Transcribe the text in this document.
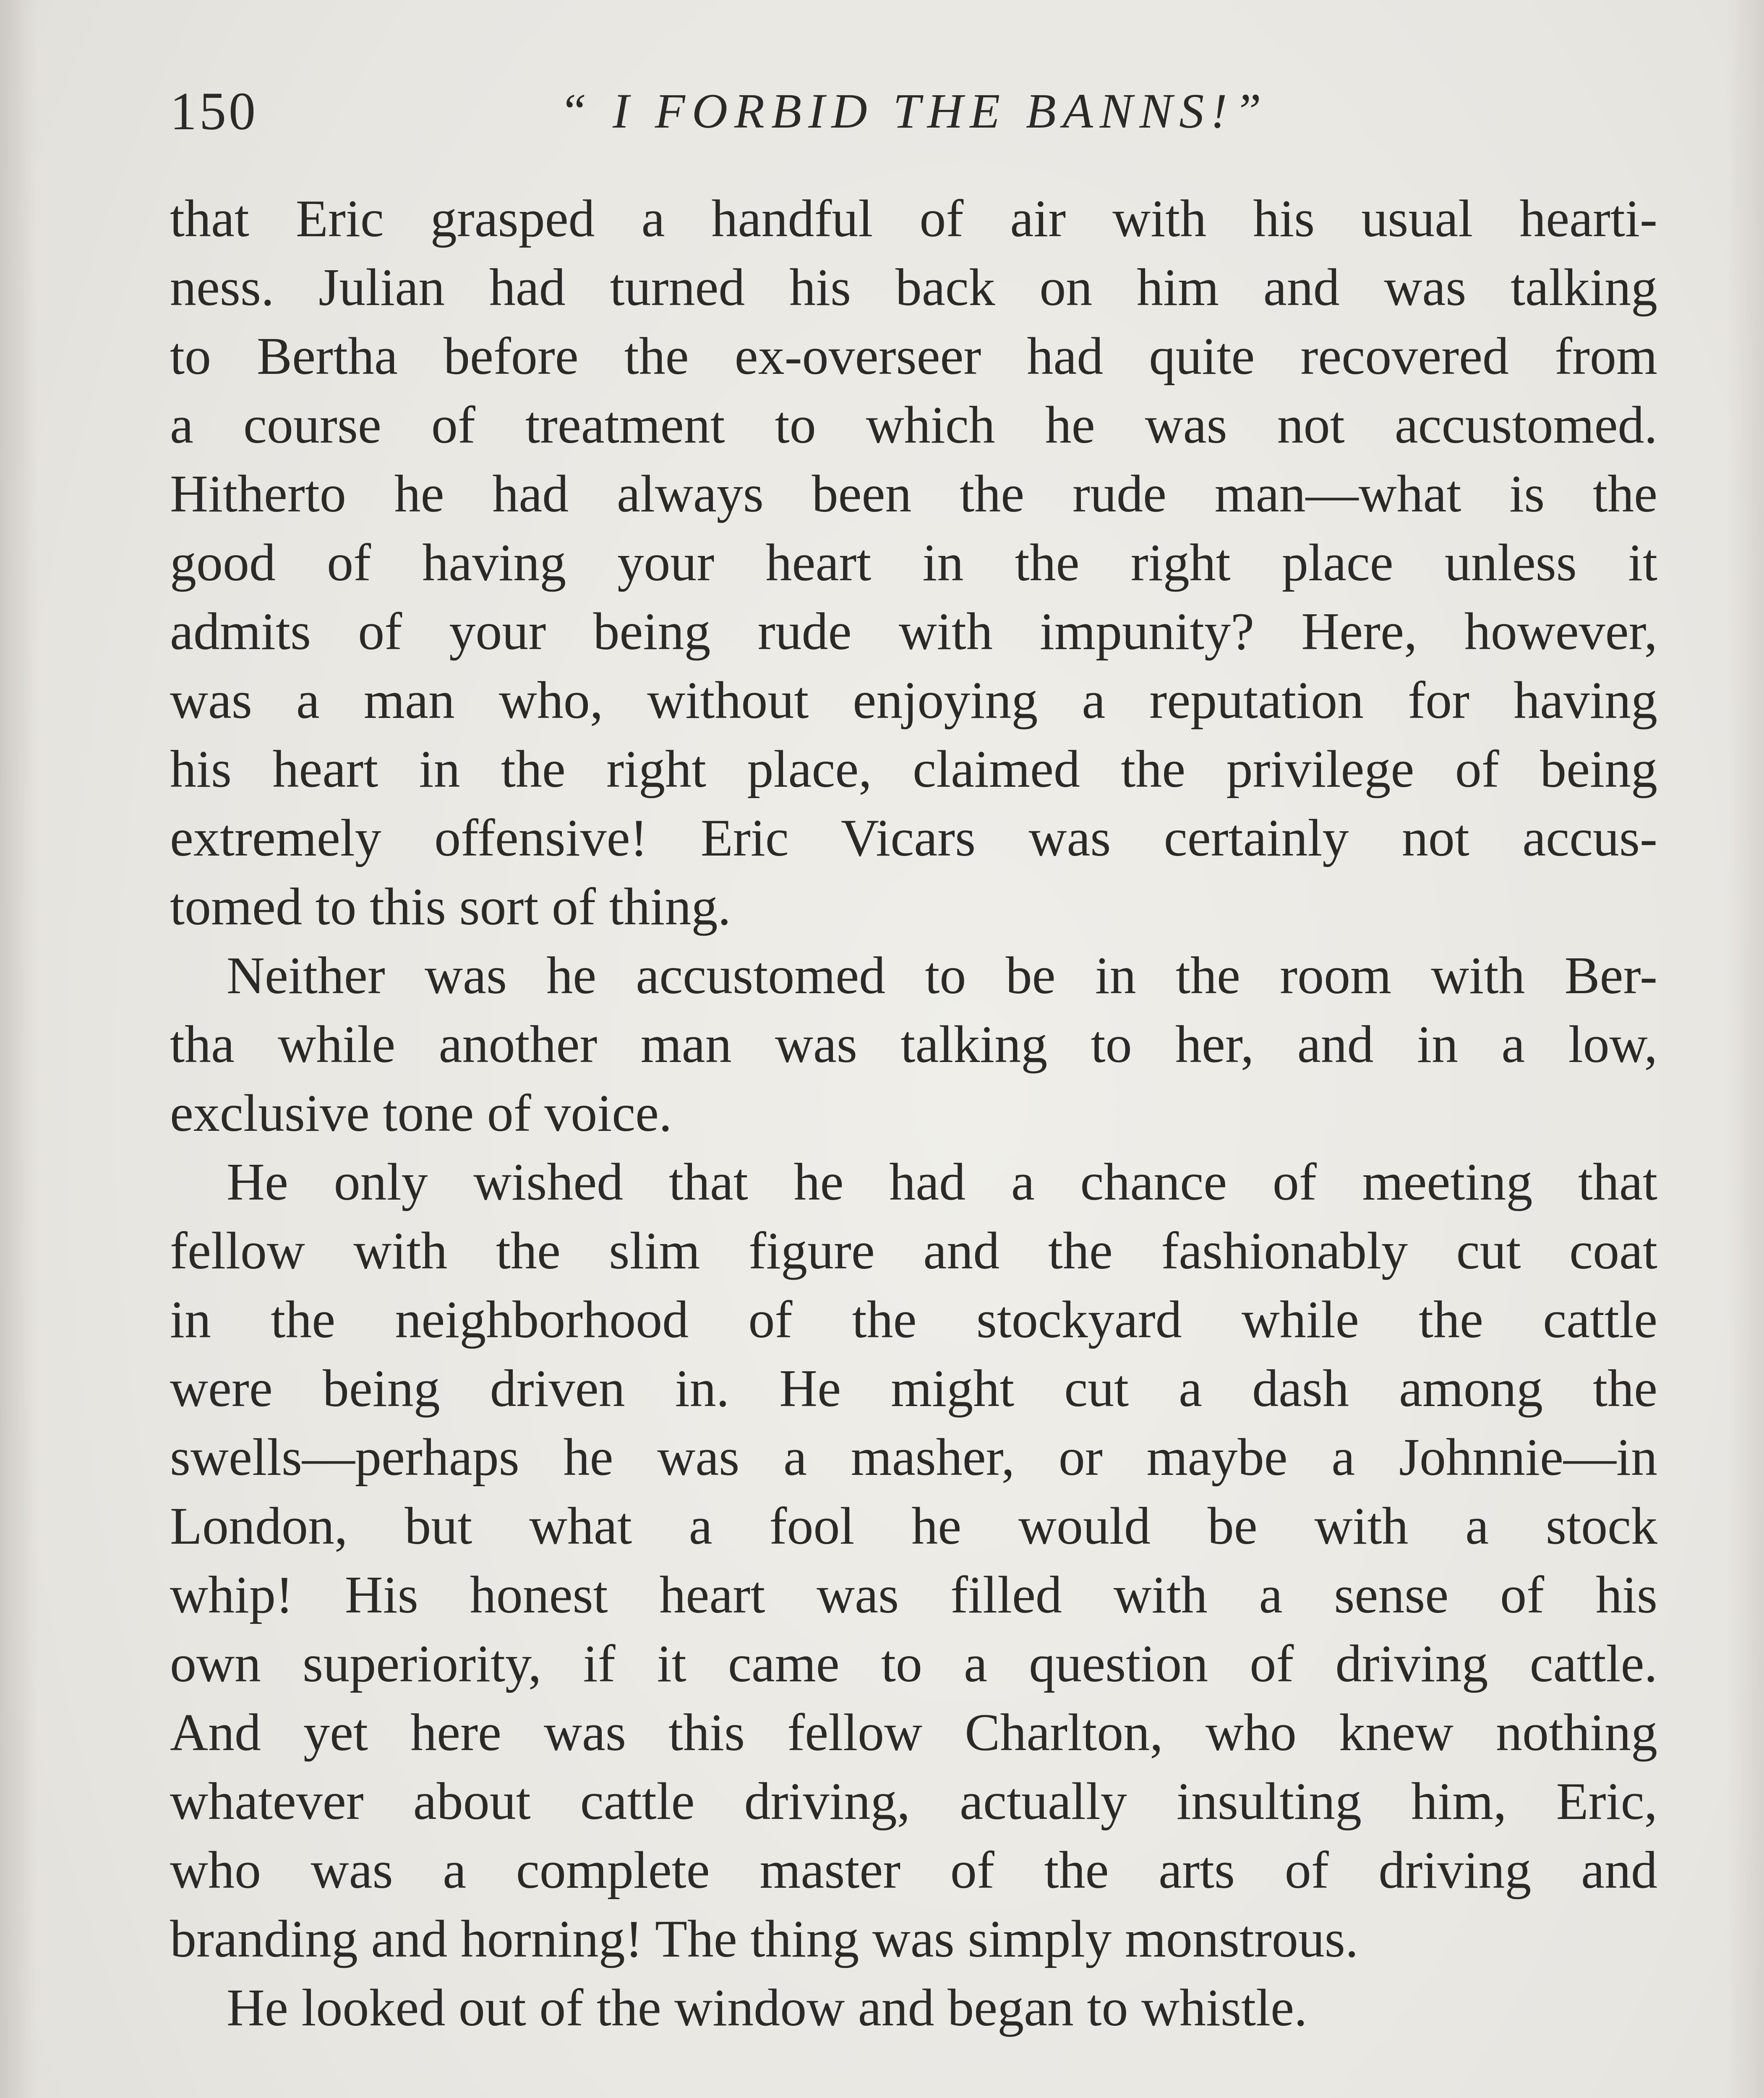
150	“ I FORBID THE BANNS!”
that Eric grasped a handful of air with his usual hearti-
ness. Julian had turned his back on him and was talking
to Bertha before the ex-overseer had quite recovered from
a course of treatment to which he was not accustomed.
Hitherto he had always been the rude man—what is the
good of having your heart in the right place unless it
admits of your being rude with impunity? Here, however,
was a man who, without enjoying a reputation for having
his heart in the right place, claimed the privilege of being
extremely offensive! Eric Vicars was certainly not accus-
tomed to this sort of thing.
Neither was he accustomed to be in the room with Ber-
tha while another man was talking to her, and in a low,
exclusive tone of voice.
He only wished that he had a chance of meeting that
fellow with the slim figure and the fashionably cut coat
in the neighborhood of the stockyard while the cattle
were being driven in. He might cut a dash among the
swells—perhaps he was a masher, or maybe a Johnnie—in
London, but what a fool he would be with a stock
whip! His honest heart was filled with a sense of his
own superiority, if it came to a question of driving cattle.
And yet here was this fellow Charlton, who knew nothing
whatever about cattle driving, actually insulting him, Eric,
who was a complete master of the arts of driving and
branding and horning! The thing was simply monstrous.
He looked out of the window and began to whistle.
